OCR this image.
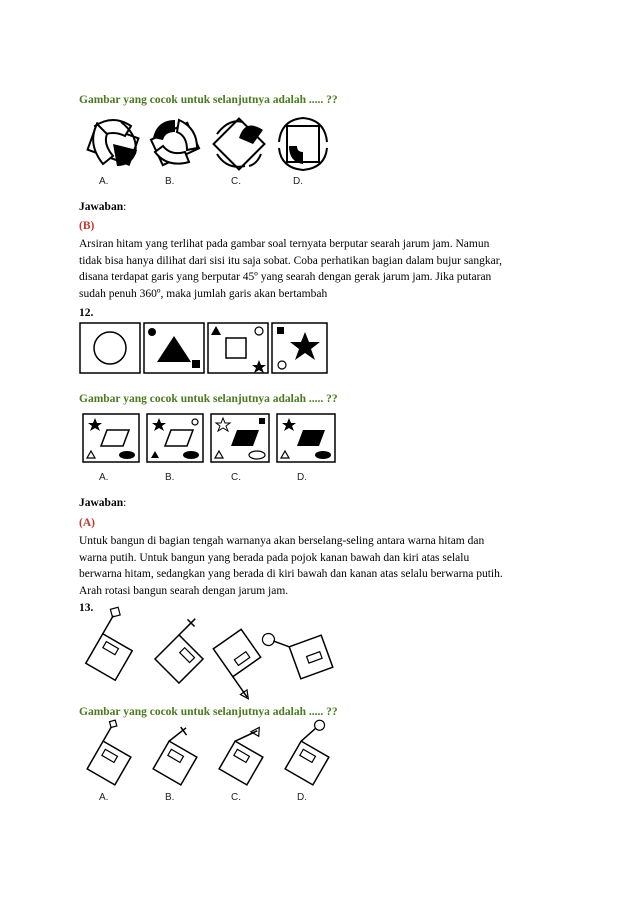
Gambar yang cocok untuk selanjutnya adalah ..... ??
A.	B.	C.	D.
Jawaban:
(B)
Arsiran hitam yang terlihat pada gambar soal ternyata berputar searah jarum jam. Namun
tidak bisa hanya dilihat dari sisi itu saja sobat. Coba perhatikan bagian dalam bujur sangkar,
disana terdapat garis yang berputar 45º yang searah dengan gerak jarum jam. Jika putaran
sudah penuh 360º, maka jumlah garis akan bertambah
12.
Gambar yang cocok untuk selanjutnya adalah ..... ??
A.	B.	C.	D.
Jawaban:
(A)
Untuk bangun di bagian tengah warnanya akan berselang-seling antara warna hitam dan
warna putih. Untuk bangun yang berada pada pojok kanan bawah dan kiri atas selalu
berwarna hitam, sedangkan yang berada di kiri bawah dan kanan atas selalu berwarna putih.
Arah rotasi bangun searah dengan jarum jam.
13.
Gambar yang cocok untuk selanjutnya adalah ..... ??
A.	B.	C.	D.
